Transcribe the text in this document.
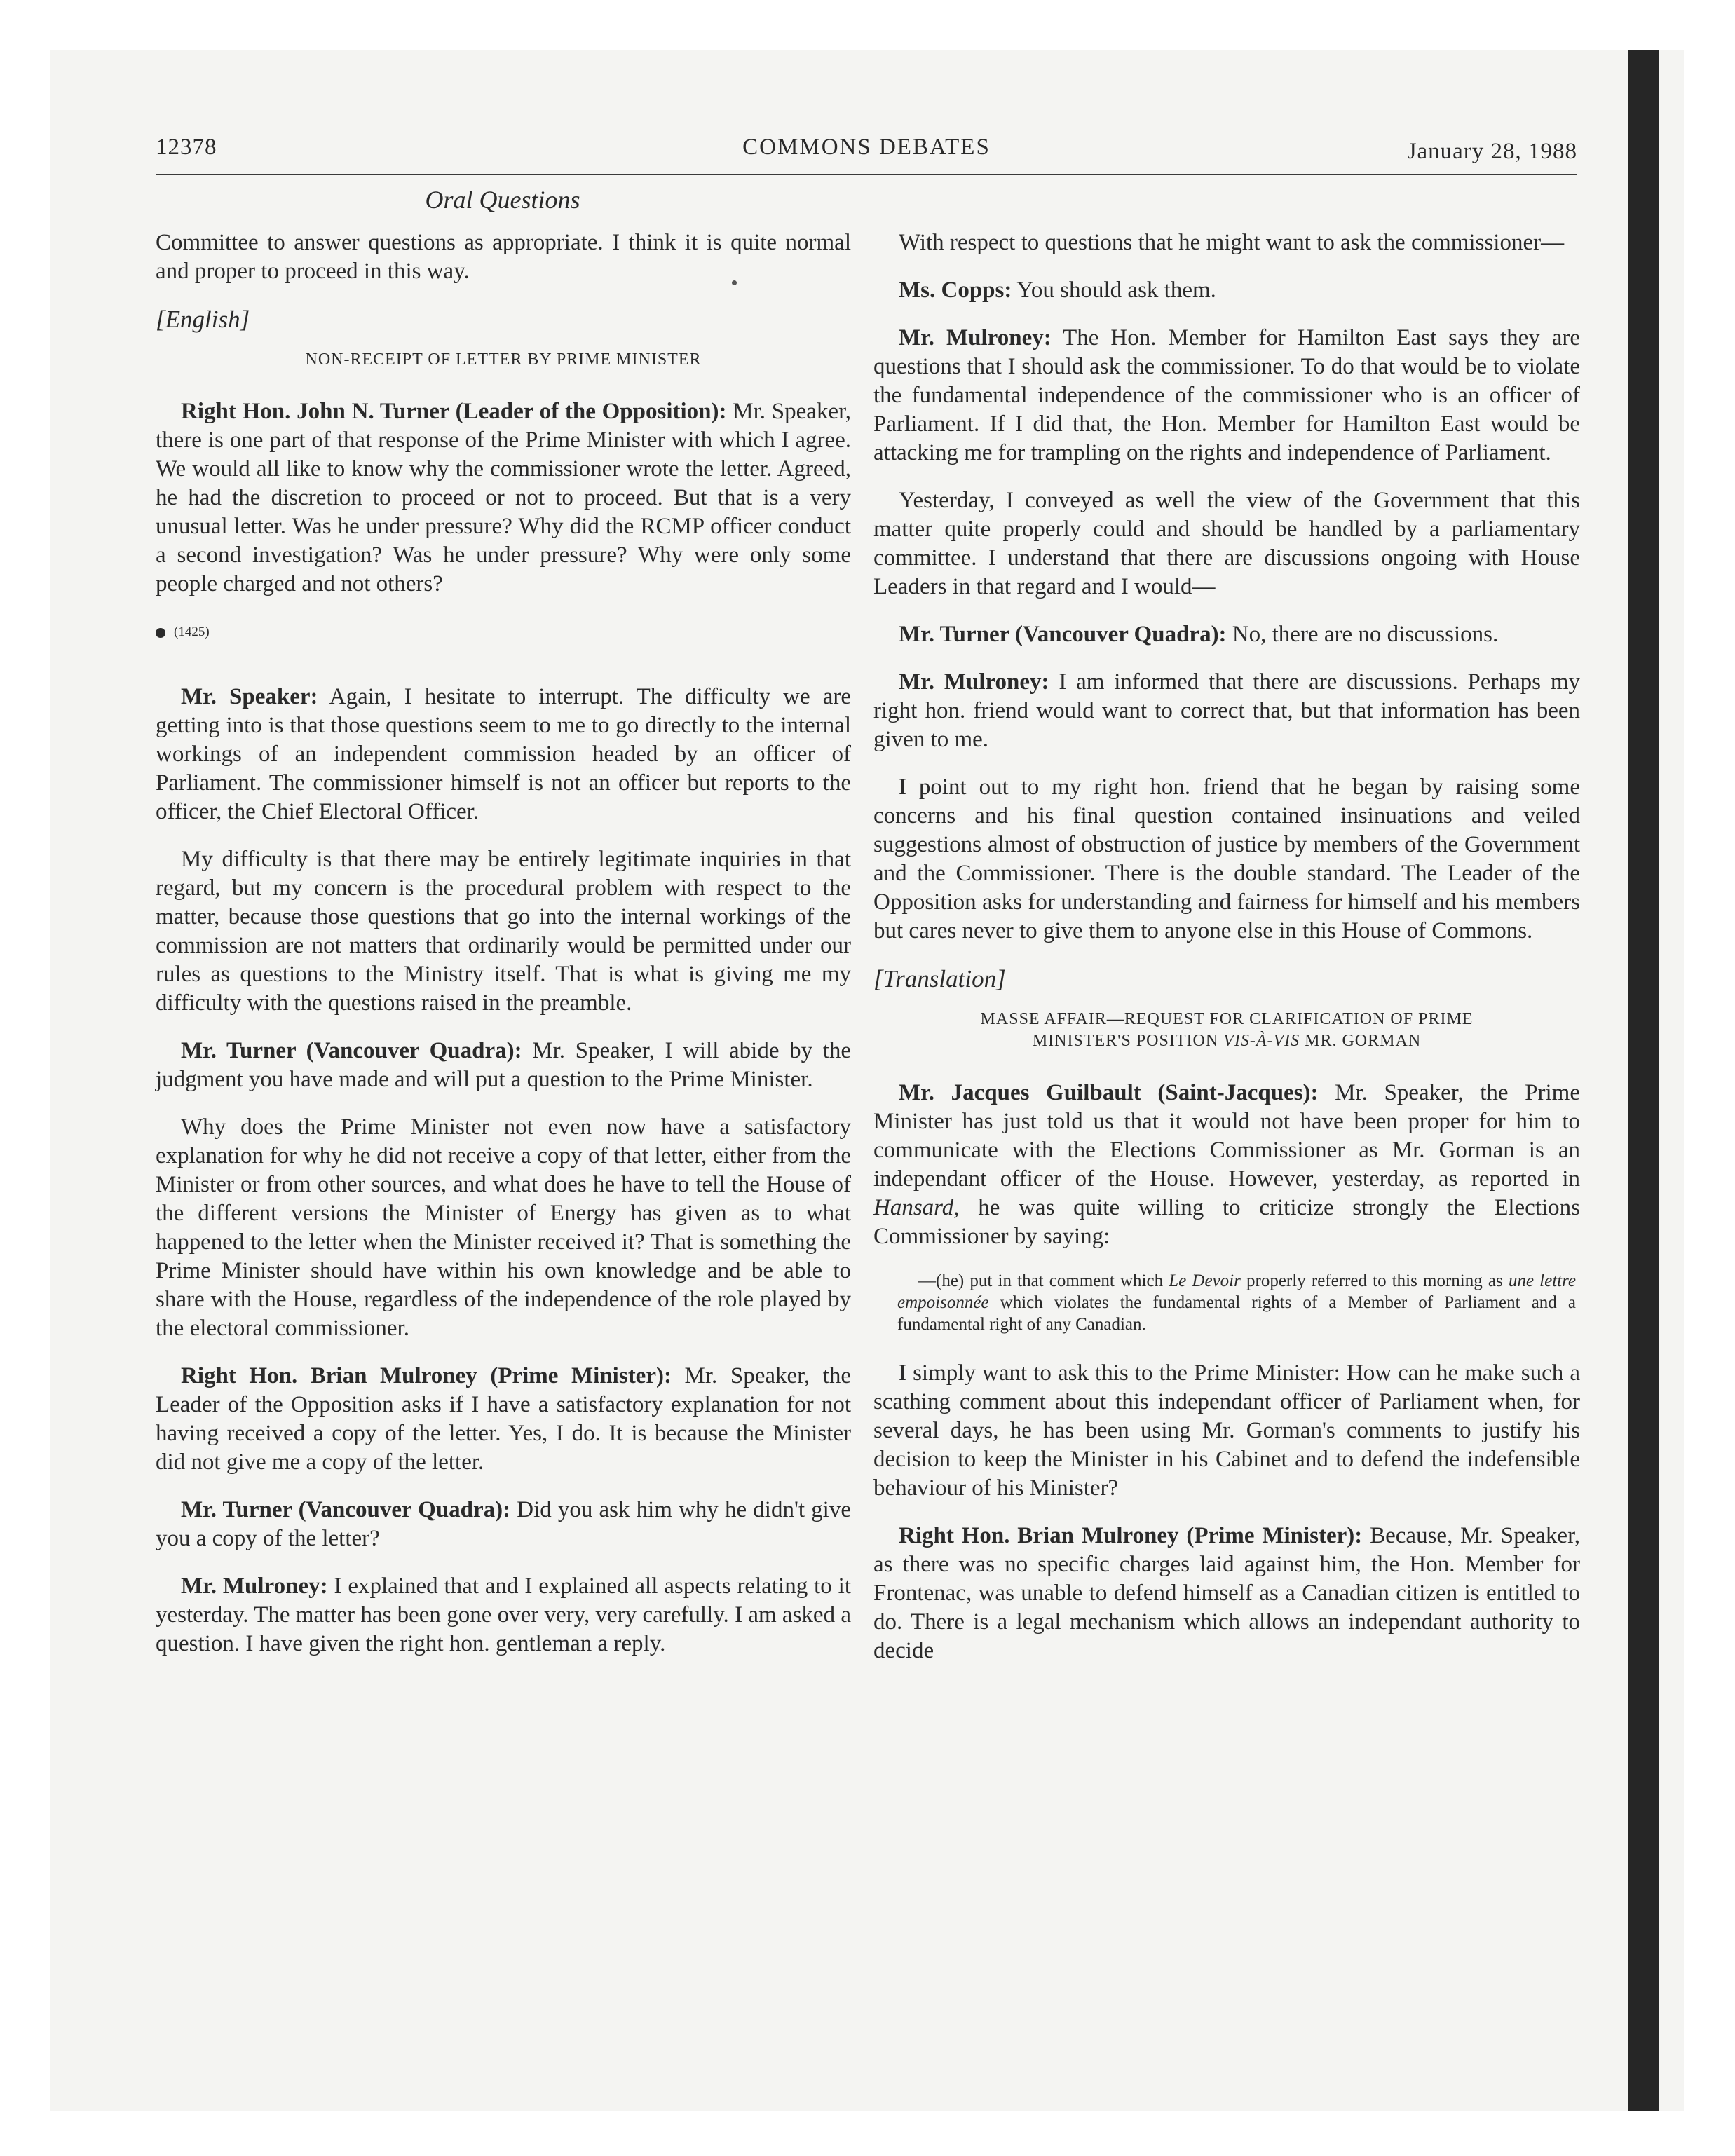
12378	COMMONS DEBATES	January 28, 1988
Oral Questions

Committee to answer questions as appropriate. I think it is quite normal and proper to proceed in this way.

[English]
NON-RECEIPT OF LETTER BY PRIME MINISTER

Right Hon. John N. Turner (Leader of the Opposition): Mr. Speaker, there is one part of that response of the Prime Minister with which I agree. We would all like to know why the commissioner wrote the letter. Agreed, he had the discretion to proceed or not to proceed. But that is a very unusual letter. Was he under pressure? Why did the RCMP officer conduct a second investigation? Was he under pressure? Why were only some people charged and not others?

(1425)

Mr. Speaker: Again, I hesitate to interrupt. The difficulty we are getting into is that those questions seem to me to go directly to the internal workings of an independent commission headed by an officer of Parliament. The commissioner himself is not an officer but reports to the officer, the Chief Electoral Officer.

My difficulty is that there may be entirely legitimate inquiries in that regard, but my concern is the procedural problem with respect to the matter, because those questions that go into the internal workings of the commission are not matters that ordinarily would be permitted under our rules as questions to the Ministry itself. That is what is giving me my difficulty with the questions raised in the preamble.

Mr. Turner (Vancouver Quadra): Mr. Speaker, I will abide by the judgment you have made and will put a question to the Prime Minister.

Why does the Prime Minister not even now have a satisfactory explanation for why he did not receive a copy of that letter, either from the Minister or from other sources, and what does he have to tell the House of the different versions the Minister of Energy has given as to what happened to the letter when the Minister received it? That is something the Prime Minister should have within his own knowledge and be able to share with the House, regardless of the independence of the role played by the electoral commissioner.

Right Hon. Brian Mulroney (Prime Minister): Mr. Speaker, the Leader of the Opposition asks if I have a satisfactory explanation for not having received a copy of the letter. Yes, I do. It is because the Minister did not give me a copy of the letter.

Mr. Turner (Vancouver Quadra): Did you ask him why he didn't give you a copy of the letter?

Mr. Mulroney: I explained that and I explained all aspects relating to it yesterday. The matter has been gone over very, very carefully. I am asked a question. I have given the right hon. gentleman a reply.

With respect to questions that he might want to ask the commissioner—

Ms. Copps: You should ask them.

Mr. Mulroney: The Hon. Member for Hamilton East says they are questions that I should ask the commissioner. To do that would be to violate the fundamental independence of the commissioner who is an officer of Parliament. If I did that, the Hon. Member for Hamilton East would be attacking me for trampling on the rights and independence of Parliament.

Yesterday, I conveyed as well the view of the Government that this matter quite properly could and should be handled by a parliamentary committee. I understand that there are discussions ongoing with House Leaders in that regard and I would—

Mr. Turner (Vancouver Quadra): No, there are no discussions.

Mr. Mulroney: I am informed that there are discussions. Perhaps my right hon. friend would want to correct that, but that information has been given to me.

I point out to my right hon. friend that he began by raising some concerns and his final question contained insinuations and veiled suggestions almost of obstruction of justice by members of the Government and the Commissioner. There is the double standard. The Leader of the Opposition asks for understanding and fairness for himself and his members but cares never to give them to anyone else in this House of Commons.

[Translation]
MASSE AFFAIR—REQUEST FOR CLARIFICATION OF PRIME
MINISTER'S POSITION VIS-À-VIS MR. GORMAN

Mr. Jacques Guilbault (Saint-Jacques): Mr. Speaker, the Prime Minister has just told us that it would not have been proper for him to communicate with the Elections Commissioner as Mr. Gorman is an independant officer of the House. However, yesterday, as reported in Hansard, he was quite willing to criticize strongly the Elections Commissioner by saying:

—(he) put in that comment which Le Devoir properly referred to this morning as une lettre empoisonnée which violates the fundamental rights of a Member of Parliament and a fundamental right of any Canadian.

I simply want to ask this to the Prime Minister: How can he make such a scathing comment about this independant officer of Parliament when, for several days, he has been using Mr. Gorman's comments to justify his decision to keep the Minister in his Cabinet and to defend the indefensible behaviour of his Minister?

Right Hon. Brian Mulroney (Prime Minister): Because, Mr. Speaker, as there was no specific charges laid against him, the Hon. Member for Frontenac, was unable to defend himself as a Canadian citizen is entitled to do. There is a legal mechanism which allows an independant authority to decide
